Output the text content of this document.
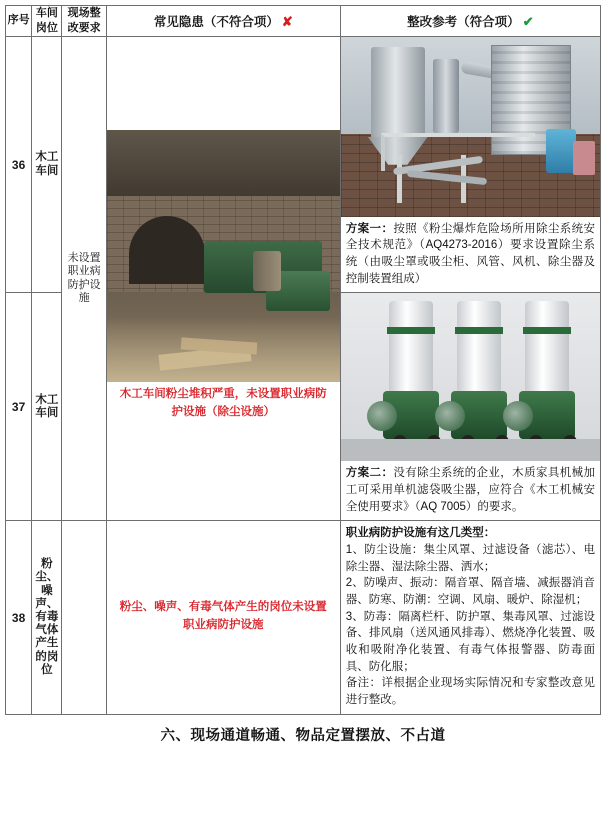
序号	车间岗位	现场整改要求	常见隐患（不符合项） ✘	整改参考（符合项） ✔
36	木工车间	未设置职业病防护设施	木工车间粉尘堆积严重，未设置职业病防护设施（除尘设施）	方案一：按照《粉尘爆炸危险场所用除尘系统安全技术规范》（AQ4273-2016）要求设置除尘系统（由吸尘罩或吸尘柜、风管、风机、除尘器及控制装置组成）

37	木工车间			方案二：没有除尘系统的企业，木质家具机械加工可采用单机滤袋吸尘器，应符合《木工机械安全使用要求》（AQ 7005）的要求。

38	粉尘、噪声、有毒气体产生的岗位		粉尘、噪声、有毒气体产生的岗位未设置职业病防护设施	职业病防护设施有这几类型：
1、防尘设施：集尘风罩、过滤设备（滤芯）、电除尘器、湿法除尘器、洒水；
2、防噪声、振动：隔音罩、隔音墙、减振器消音器、防寒、防潮：空调、风扇、暖炉、除湿机；
3、防毒：隔离栏杆、防护罩、集毒风罩、过滤设备、排风扇（送风通风排毒）、燃烧净化装置、吸收和吸附净化装置、有毒气体报警器、防毒面具、防化服；
备注：详根据企业现场实际情况和专家整改意见进行整改。
六、现场通道畅通、物品定置摆放、不占道
